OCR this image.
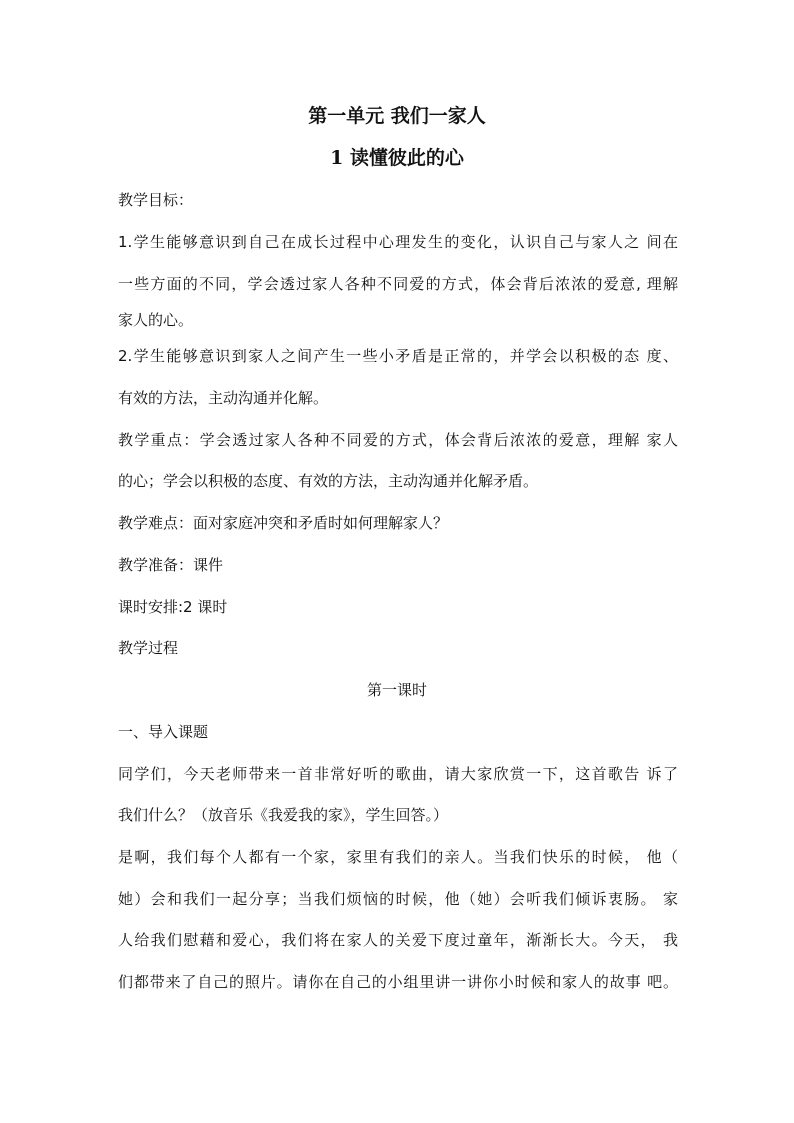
第一单元 我们一家人
1 读懂彼此的心

教学目标：

1.学生能够意识到自己在成长过程中心理发生的变化，认识自己与家人之 间在

一些方面的不同，学会透过家人各种不同爱的方式，体会背后浓浓的爱意, 理解

家人的心。

2.学生能够意识到家人之间产生一些小矛盾是正常的，并学会以积极的态 度、

有效的方法，主动沟通并化解。

教学重点：学会透过家人各种不同爱的方式，体会背后浓浓的爱意，理解 家人

的心；学会以积极的态度、有效的方法，主动沟通并化解矛盾。

教学难点：面对家庭冲突和矛盾时如何理解家人？

教学准备：课件

课时安排:2 课时

教学过程

第一课时

一、导入课题

同学们，今天老师带来一首非常好听的歌曲，请大家欣赏一下，这首歌告 诉了

我们什么？（放音乐《我爱我的家》，学生回答。）

是啊，我们每个人都有一个家，家里有我们的亲人。当我们快乐的时候， 他（

她）会和我们一起分享；当我们烦恼的时候，他（她）会听我们倾诉衷肠。 家

人给我们慰藉和爱心，我们将在家人的关爱下度过童年，渐渐长大。今天， 我

们都带来了自己的照片。请你在自己的小组里讲一讲你小时候和家人的故事 吧。
